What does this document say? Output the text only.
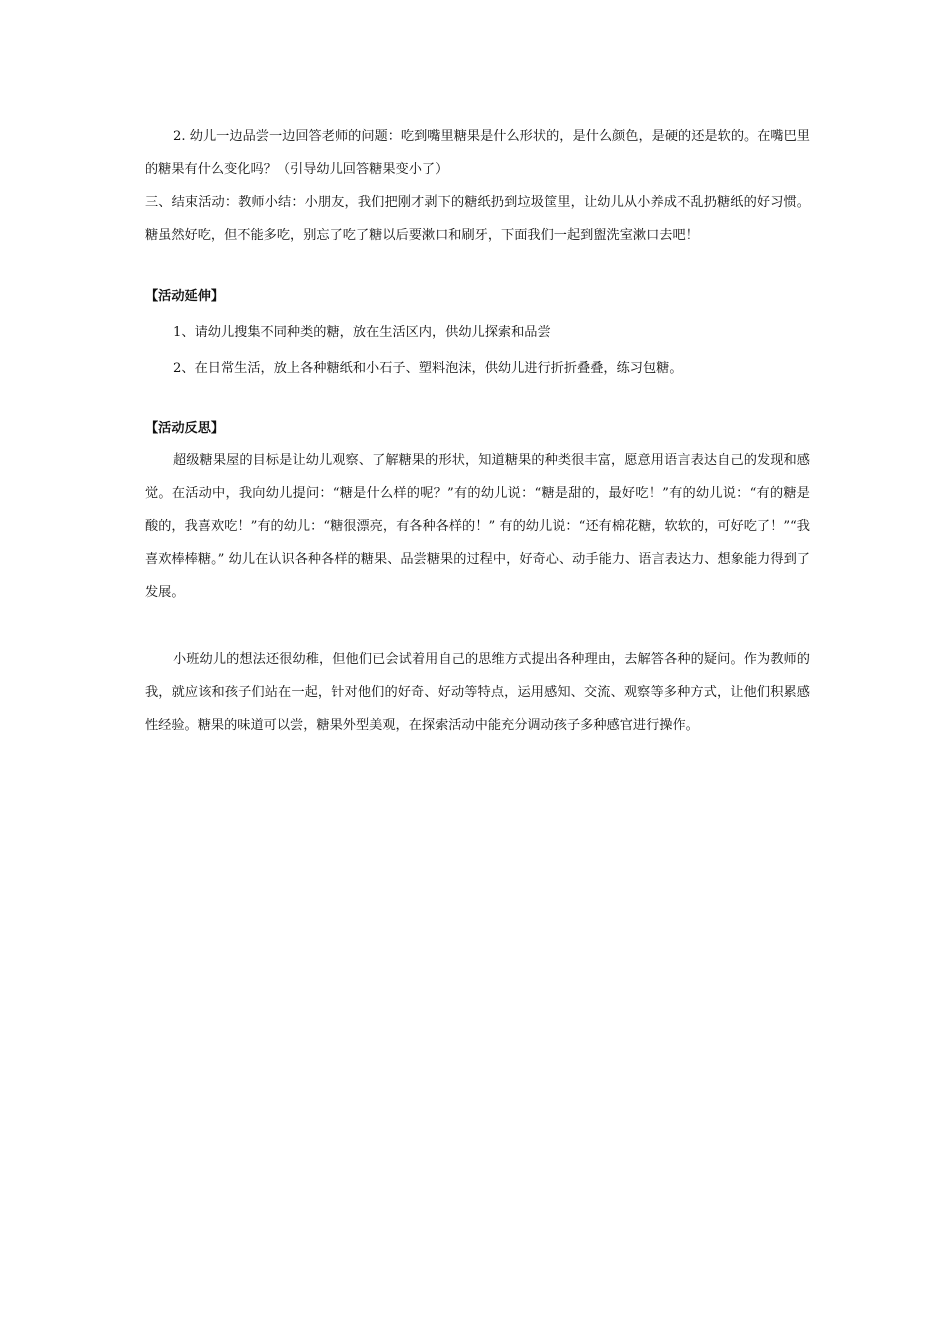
2. 幼儿一边品尝一边回答老师的问题：吃到嘴里糖果是什么形状的，是什么颜色，是硬的还是软的。在嘴巴里的糖果有什么变化吗？（引导幼儿回答糖果变小了）

三、结束活动：教师小结：小朋友，我们把刚才剥下的糖纸扔到垃圾筐里，让幼儿从小养成不乱扔糖纸的好习惯。 糖虽然好吃，但不能多吃，别忘了吃了糖以后要漱口和刷牙，下面我们一起到盥洗室漱口去吧！

【活动延伸】

1、请幼儿搜集不同种类的糖，放在生活区内，供幼儿探索和品尝

2、在日常生活，放上各种糖纸和小石子、塑料泡沫，供幼儿进行折折叠叠，练习包糖。

【活动反思】

超级糖果屋的目标是让幼儿观察、了解糖果的形状，知道糖果的种类很丰富，愿意用语言表达自己的发现和感觉。在活动中，我向幼儿提问：“糖是什么样的呢？”有的幼儿说：“糖是甜的，最好吃！”有的幼儿说：“有的糖是酸的，我喜欢吃！”有的幼儿：“糖很漂亮，有各种各样的！” 有的幼儿说：“还有棉花糖，软软的，可好吃了！”“我喜欢棒棒糖。” 幼儿在认识各种各样的糖果、品尝糖果的过程中，好奇心、动手能力、语言表达力、想象能力得到了发展。

小班幼儿的想法还很幼稚，但他们已会试着用自己的思维方式提出各种理由，去解答各种的疑问。作为教师的我，就应该和孩子们站在一起，针对他们的好奇、好动等特点，运用感知、交流、观察等多种方式，让他们积累感性经验。糖果的味道可以尝，糖果外型美观，在探索活动中能充分调动孩子多种感官进行操作。
